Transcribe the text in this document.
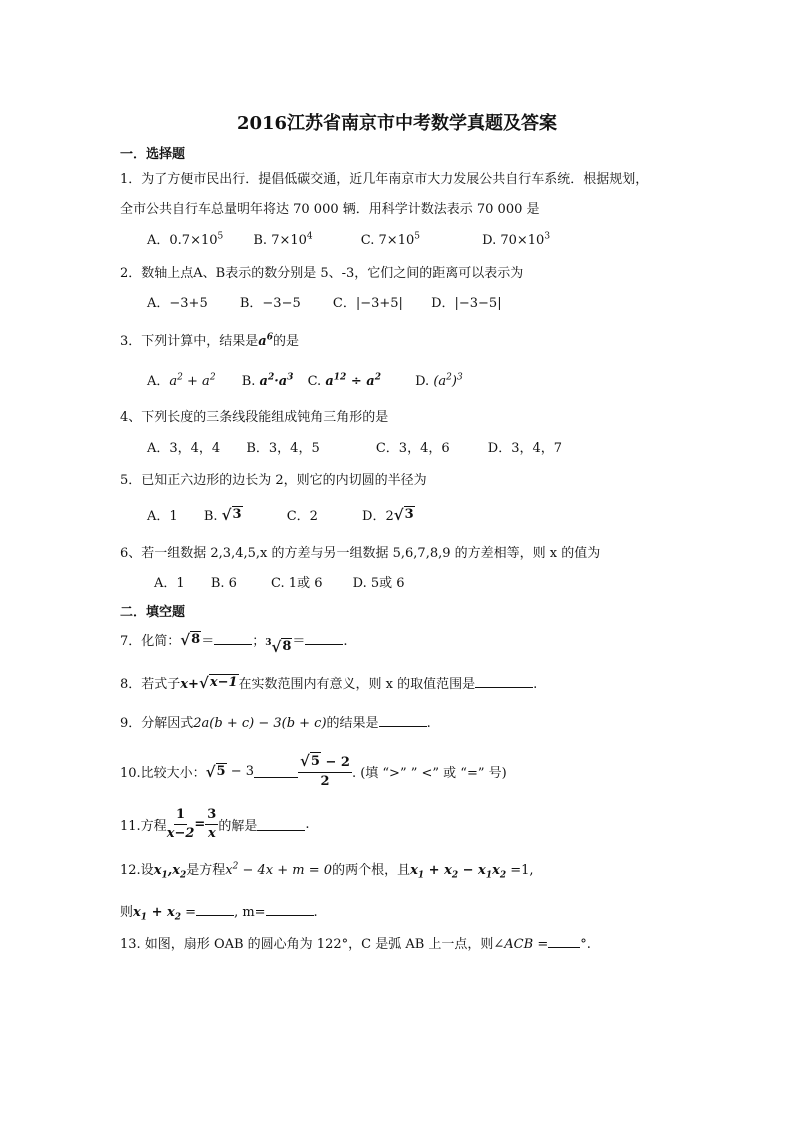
2016江苏省南京市中考数学真题及答案
一．选择题
1．为了方便市民出行．提倡低碳交通，近几年南京市大力发展公共自行车系统．根据规划，
全市公共自行车总量明年将达 70 000 辆．用科学计数法表示 70 000 是
A．$0.7\times 10^5$ B. $7\times 10^4$	C. $7\times 10^5$	D. $70\times 10^3$
2．数轴上点A、B表示的数分别是 5、-3，它们之间的距离可以表示为
A．−3+5 B．−3−5 C．|−3+5| D．|−3−5|
3．下列计算中，结果是$a^6$的是
A．$a^2 + a^2$ B. $a^2\cdot a^3$ C. $a^{12} \div a^2$	D. $(a^2)^3$
4、下列长度的三条线段能组成钝角三角形的是
A．3，4，4 B．3，4，5	C．3，4，6	D．3，4，7
5．已知正六边形的边长为 2，则它的内切圆的半径为
A．1 B. √ 3	C．2	D．2 √ 3
6、若一组数据 2,3,4,5,x 的方差与另一组数据 5,6,7,8,9 的方差相等，则 x 的值为
A．1 B. 6	C. 1或 6 D. 5或 6
二．填空题
7．化简： √ 8 ＝	； 3 √ 8 ＝	.
8．若式子x+ √ x−1 在实数范围内有意义，则 x 的取值范围是	.
9．分解因式2a(b + c) − 3(b + c)的结果是	.
10.比较大小： √ 5 − 3	$\frac{√ 5 - 2}{2}$ . (填 “>” ” <” 或 “=” 号)
11.方程 $\frac{1}{x-2} = \frac{3}{x}$ 的解是	.
12.设$x_1,x_2$是方程$x^2 - 4x + m = 0$的两个根，且$x_1 + x_2 - x_1x_2 =1$,
则$x_1 + x_2$ =	, m=	.
13. 如图，扇形 OAB 的圆心角为 122°，C 是弧 AB 上一点，则∠ACB = °.
